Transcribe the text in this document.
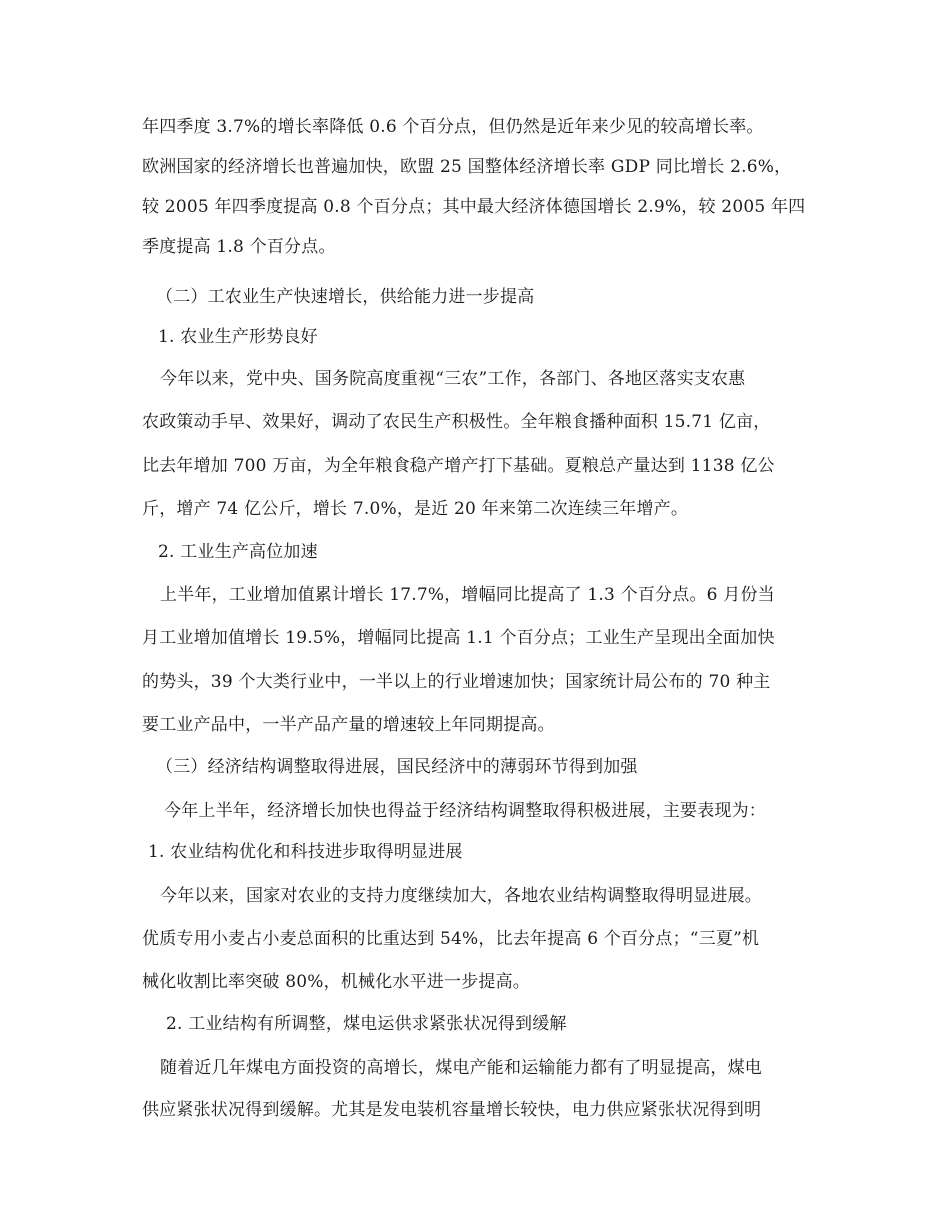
年四季度 3.7%的增长率降低 0.6 个百分点，但仍然是近年来少见的较高增长率。
欧洲国家的经济增长也普遍加快，欧盟 25 国整体经济增长率 GDP 同比增长 2.6%，
较 2005 年四季度提高 0.8 个百分点；其中最大经济体德国增长 2.9%，较 2005 年四
季度提高 1.8 个百分点。
（二）工农业生产快速增长，供给能力进一步提高
1. 农业生产形势良好
今年以来，党中央、国务院高度重视“三农”工作，各部门、各地区落实支农惠
农政策动手早、效果好，调动了农民生产积极性。全年粮食播种面积 15.71 亿亩，
比去年增加 700 万亩，为全年粮食稳产增产打下基础。夏粮总产量达到 1138 亿公
斤，增产 74 亿公斤，增长 7.0%，是近 20 年来第二次连续三年增产。
2. 工业生产高位加速
上半年，工业增加值累计增长 17.7%，增幅同比提高了 1.3 个百分点。6 月份当
月工业增加值增长 19.5%，增幅同比提高 1.1 个百分点；工业生产呈现出全面加快
的势头，39 个大类行业中，一半以上的行业增速加快；国家统计局公布的 70 种主
要工业产品中，一半产品产量的增速较上年同期提高。
（三）经济结构调整取得进展，国民经济中的薄弱环节得到加强
今年上半年，经济增长加快也得益于经济结构调整取得积极进展，主要表现为：
1. 农业结构优化和科技进步取得明显进展
今年以来，国家对农业的支持力度继续加大，各地农业结构调整取得明显进展。
优质专用小麦占小麦总面积的比重达到 54%，比去年提高 6 个百分点；“三夏”机
械化收割比率突破 80%，机械化水平进一步提高。
2. 工业结构有所调整，煤电运供求紧张状况得到缓解
随着近几年煤电方面投资的高增长，煤电产能和运输能力都有了明显提高，煤电
供应紧张状况得到缓解。尤其是发电装机容量增长较快，电力供应紧张状况得到明
